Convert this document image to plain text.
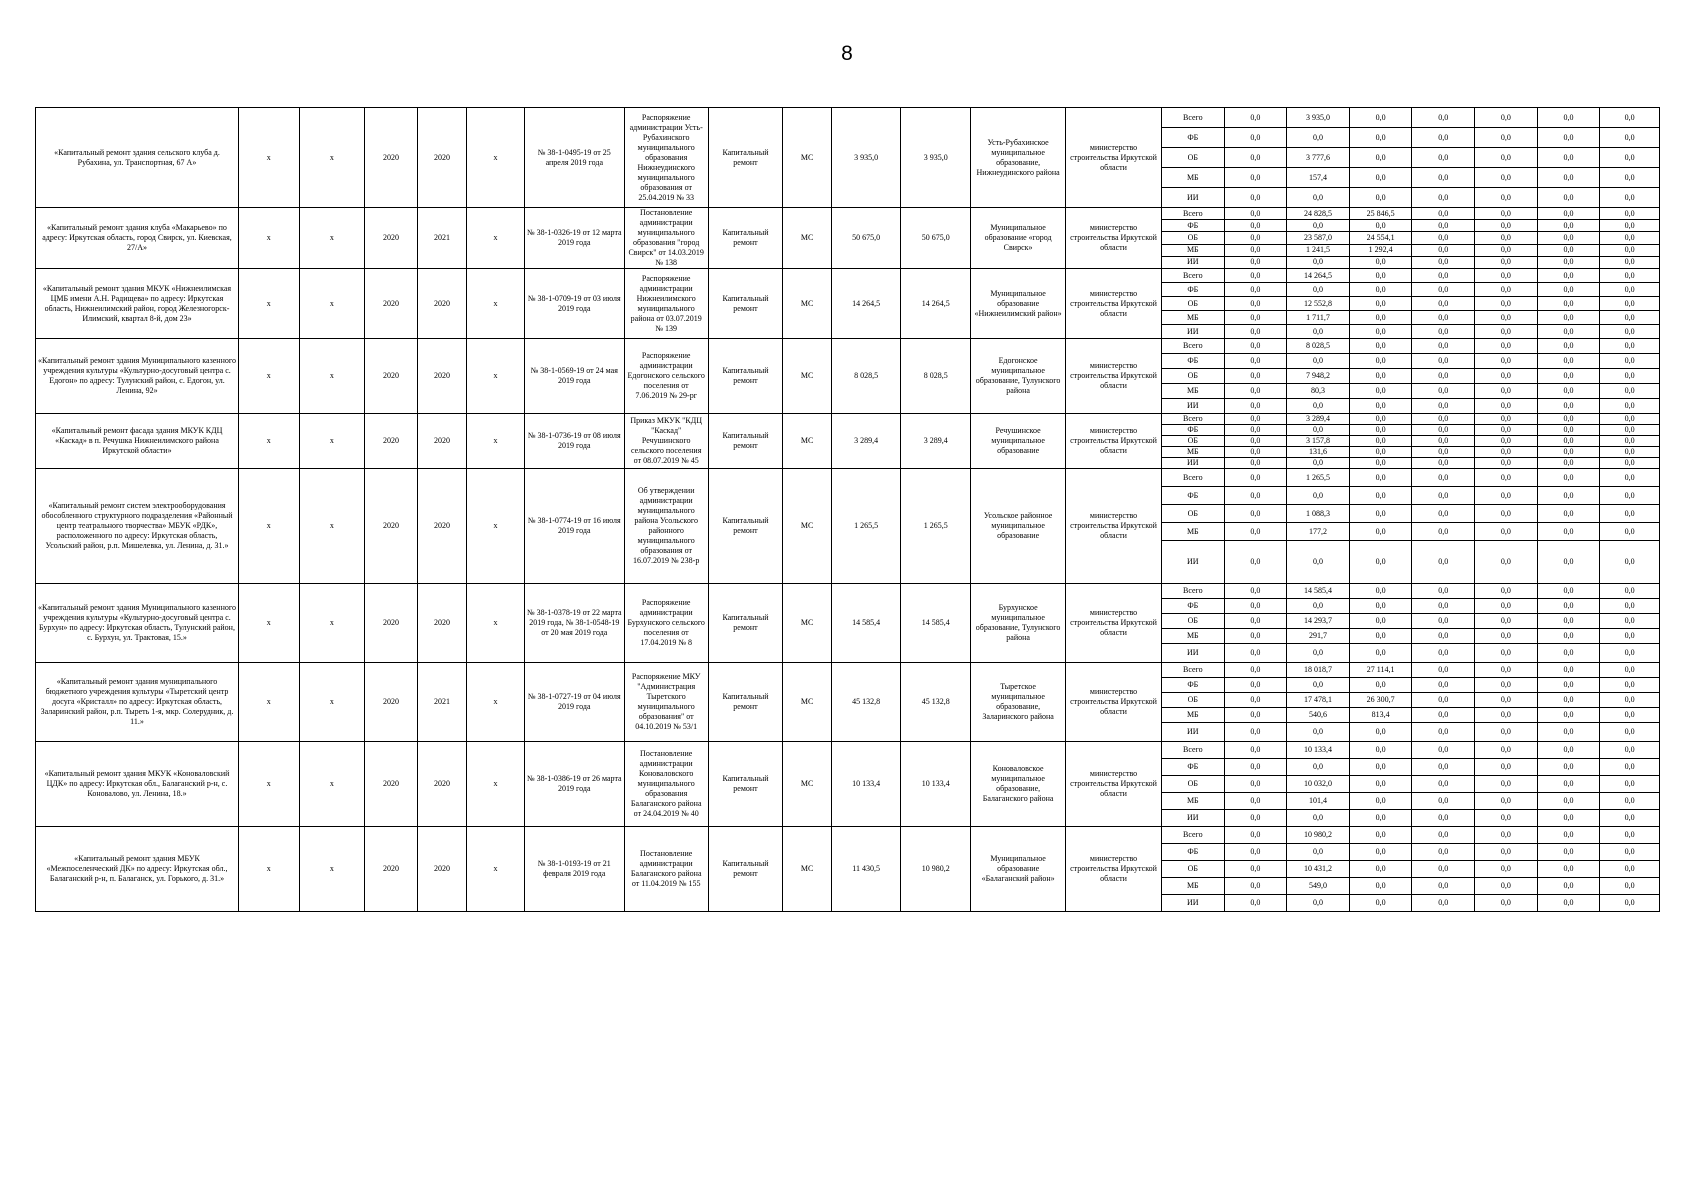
8
«Капитальный ремонт здания сельского клуба д. Рубахина, ул. Транспортная, 67 А»	x	x	2020	2020	x	№ 38-1-0495-19 от 25 апреля 2019 года	Распоряжение администрации Усть-Рубахинского муниципального образования Нижнеудинского муниципального образования от 25.04.2019 № 33	Капитальный ремонт	МС	3 935,0	3 935,0	Усть-Рубахинское муниципальное образование, Нижнеудинского района	министерство строительства Иркутской области	Всего	0,0	3 935,0	0,0	0,0	0,0	0,0	0,0
														ФБ	0,0	0,0	0,0	0,0	0,0	0,0	0,0
														ОБ	0,0	3 777,6	0,0	0,0	0,0	0,0	0,0
														МБ	0,0	157,4	0,0	0,0	0,0	0,0	0,0
														ИИ	0,0	0,0	0,0	0,0	0,0	0,0	0,0
«Капитальный ремонт здания клуба «Макарьево» по адресу: Иркутская область, город Свирск, ул. Киевская, 27/А»	x	x	2020	2021	x	№ 38-1-0326-19 от 12 марта 2019 года	Постановление администрации муниципального образования "город Свирск" от 14.03.2019 № 138	Капитальный ремонт	МС	50 675,0	50 675,0	Муниципальное образование «город Свирск»	министерство строительства Иркутской области	Всего	0,0	24 828,5	25 846,5	0,0	0,0	0,0	0,0
														ФБ	0,0	0,0	0,0	0,0	0,0	0,0	0,0
														ОБ	0,0	23 587,0	24 554,1	0,0	0,0	0,0	0,0
														МБ	0,0	1 241,5	1 292,4	0,0	0,0	0,0	0,0
														ИИ	0,0	0,0	0,0	0,0	0,0	0,0	0,0
«Капитальный ремонт здания МКУК «Нижнеилимская ЦМБ имени А.Н. Радищева» по адресу: Иркутская область, Нижнеилимский район, город Железногорск-Илимский, квартал 8-й, дом 23»	x	x	2020	2020	x	№ 38-1-0709-19 от 03 июля 2019 года	Распоряжение администрации Нижнеилимского муниципального района от 03.07.2019 № 139	Капитальный ремонт	МС	14 264,5	14 264,5	Муниципальное образование «Нижнеилимский район»	министерство строительства Иркутской области	Всего	0,0	14 264,5	0,0	0,0	0,0	0,0	0,0
														ФБ	0,0	0,0	0,0	0,0	0,0	0,0	0,0
														ОБ	0,0	12 552,8	0,0	0,0	0,0	0,0	0,0
														МБ	0,0	1 711,7	0,0	0,0	0,0	0,0	0,0
														ИИ	0,0	0,0	0,0	0,0	0,0	0,0	0,0
«Капитальный ремонт здания Муниципального казенного учреждения культуры «Культурно-досуговый центра с. Едогон» по адресу: Тулунский район, с. Едогон, ул. Ленина, 92»	x	x	2020	2020	x	№ 38-1-0569-19 от 24 мая 2019 года	Распоряжение администрации Едогонского сельского поселения от 7.06.2019 № 29-рг	Капитальный ремонт	МС	8 028,5	8 028,5	Едогонское муниципальное образование, Тулунского района	министерство строительства Иркутской области	Всего	0,0	8 028,5	0,0	0,0	0,0	0,0	0,0
														ФБ	0,0	0,0	0,0	0,0	0,0	0,0	0,0
														ОБ	0,0	7 948,2	0,0	0,0	0,0	0,0	0,0
														МБ	0,0	80,3	0,0	0,0	0,0	0,0	0,0
														ИИ	0,0	0,0	0,0	0,0	0,0	0,0	0,0
«Капитальный ремонт фасада здания МКУК КДЦ «Каскад» в п. Речушка Нижнеилимского района Иркутской области»	x	x	2020	2020	x	№ 38-1-0736-19 от 08 июля 2019 года	Приказ МКУК "КДЦ "Каскад" Речушинского сельского поселения от 08.07.2019 № 45	Капитальный ремонт	МС	3 289,4	3 289,4	Речушинское муниципальное образование	министерство строительства Иркутской области	Всего	0,0	3 289,4	0,0	0,0	0,0	0,0	0,0
														ФБ	0,0	0,0	0,0	0,0	0,0	0,0	0,0
														ОБ	0,0	3 157,8	0,0	0,0	0,0	0,0	0,0
														МБ	0,0	131,6	0,0	0,0	0,0	0,0	0,0
														ИИ	0,0	0,0	0,0	0,0	0,0	0,0	0,0
«Капитальный ремонт систем электрооборудования обособленного структурного подразделения «Районный центр театрального творчества» МБУК «РДК», расположенного по адресу: Иркутская область, Усольский район, р.п. Мишелевка, ул. Ленина, д. 31.»	x	x	2020	2020	x	№ 38-1-0774-19 от 16 июля 2019 года	Об утверждении администрации муниципального района Усольского районного муниципального образования от 16.07.2019 № 238-р	Капитальный ремонт	МС	1 265,5	1 265,5	Усольское районное муниципальное образование	министерство строительства Иркутской области	Всего	0,0	1 265,5	0,0	0,0	0,0	0,0	0,0
														ФБ	0,0	0,0	0,0	0,0	0,0	0,0	0,0
														ОБ	0,0	1 088,3	0,0	0,0	0,0	0,0	0,0
														МБ	0,0	177,2	0,0	0,0	0,0	0,0	0,0
														ИИ	0,0	0,0	0,0	0,0	0,0	0,0	0,0
«Капитальный ремонт здания Муниципального казенного учреждения культуры «Культурно-досуговый центра с. Бурхун» по адресу: Иркутская область, Тулунский район, с. Бурхун, ул. Трактовая, 15.»	x	x	2020	2020	x	№ 38-1-0378-19 от 22 марта 2019 года, № 38-1-0548-19 от 20 мая 2019 года	Распоряжение администрации Бурхунского сельского поселения от 17.04.2019 № 8	Капитальный ремонт	МС	14 585,4	14 585,4	Бурхунское муниципальное образование, Тулунского района	министерство строительства Иркутской области	Всего	0,0	14 585,4	0,0	0,0	0,0	0,0	0,0
														ФБ	0,0	0,0	0,0	0,0	0,0	0,0	0,0
														ОБ	0,0	14 293,7	0,0	0,0	0,0	0,0	0,0
														МБ	0,0	291,7	0,0	0,0	0,0	0,0	0,0
														ИИ	0,0	0,0	0,0	0,0	0,0	0,0	0,0
«Капитальный ремонт здания муниципального бюджетного учреждения культуры «Тыретский центр досуга «Кристалл» по адресу: Иркутская область, Заларинский район, р.п. Тыреть 1-я, мкр. Солерудник, д. 11.»	x	x	2020	2021	x	№ 38-1-0727-19 от 04 июля 2019 года	Распоряжение МКУ "Администрация Тыретского муниципального образования" от 04.10.2019 № 53/1	Капитальный ремонт	МС	45 132,8	45 132,8	Тыретское муниципальное образование, Заларинского района	министерство строительства Иркутской области	Всего	0,0	18 018,7	27 114,1	0,0	0,0	0,0	0,0
														ФБ	0,0	0,0	0,0	0,0	0,0	0,0	0,0
														ОБ	0,0	17 478,1	26 300,7	0,0	0,0	0,0	0,0
														МБ	0,0	540,6	813,4	0,0	0,0	0,0	0,0
														ИИ	0,0	0,0	0,0	0,0	0,0	0,0	0,0
«Капитальный ремонт здания МКУК «Коноваловский ЦДК» по адресу: Иркутская обл., Балаганский р-н, с. Коновалово, ул. Ленина, 18.»	x	x	2020	2020	x	№ 38-1-0386-19 от 26 марта 2019 года	Постановление администрации Коноваловского муниципального образования Балаганского района от 24.04.2019 № 40	Капитальный ремонт	МС	10 133,4	10 133,4	Коноваловское муниципальное образование, Балаганского района	министерство строительства Иркутской области	Всего	0,0	10 133,4	0,0	0,0	0,0	0,0	0,0
														ФБ	0,0	0,0	0,0	0,0	0,0	0,0	0,0
														ОБ	0,0	10 032,0	0,0	0,0	0,0	0,0	0,0
														МБ	0,0	101,4	0,0	0,0	0,0	0,0	0,0
														ИИ	0,0	0,0	0,0	0,0	0,0	0,0	0,0
«Капитальный ремонт здания МБУК «Межпоселенческий ДК» по адресу: Иркутская обл., Балаганский р-н, п. Балаганск, ул. Горького, д. 31.»	x	x	2020	2020	x	№ 38-1-0193-19 от 21 февраля 2019 года	Постановление администрации Балаганского района от 11.04.2019 № 155	Капитальный ремонт	МС	11 430,5	10 980,2	Муниципальное образование «Балаганский район»	министерство строительства Иркутской области	Всего	0,0	10 980,2	0,0	0,0	0,0	0,0	0,0
														ФБ	0,0	0,0	0,0	0,0	0,0	0,0	0,0
														ОБ	0,0	10 431,2	0,0	0,0	0,0	0,0	0,0
														МБ	0,0	549,0	0,0	0,0	0,0	0,0	0,0
														ИИ	0,0	0,0	0,0	0,0	0,0	0,0	0,0
